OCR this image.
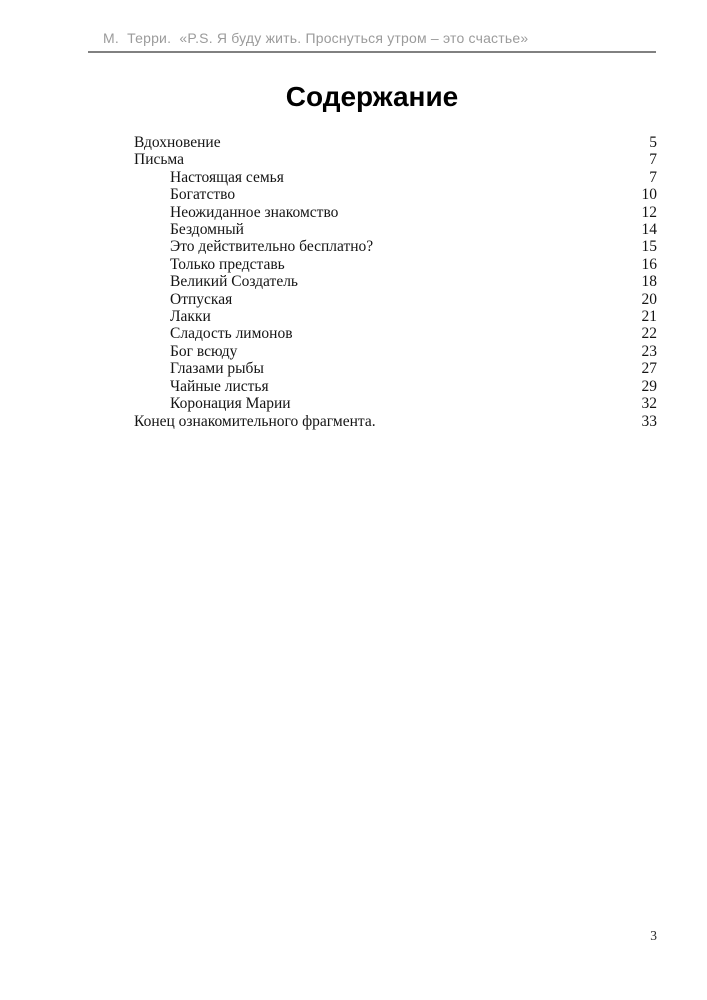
М.  Терри.  «P.S. Я буду жить. Проснуться утром – это счастье»
Содержание
Вдохновение	5
Письма	7
Настоящая семья	7
Богатство	10
Неожиданное знакомство	12
Бездомный	14
Это действительно бесплатно?	15
Только представь	16
Великий Создатель	18
Отпуская	20
Лакки	21
Сладость лимонов	22
Бог всюду	23
Глазами рыбы	27
Чайные листья	29
Коронация Марии	32
Конец ознакомительного фрагмента.	33
3
